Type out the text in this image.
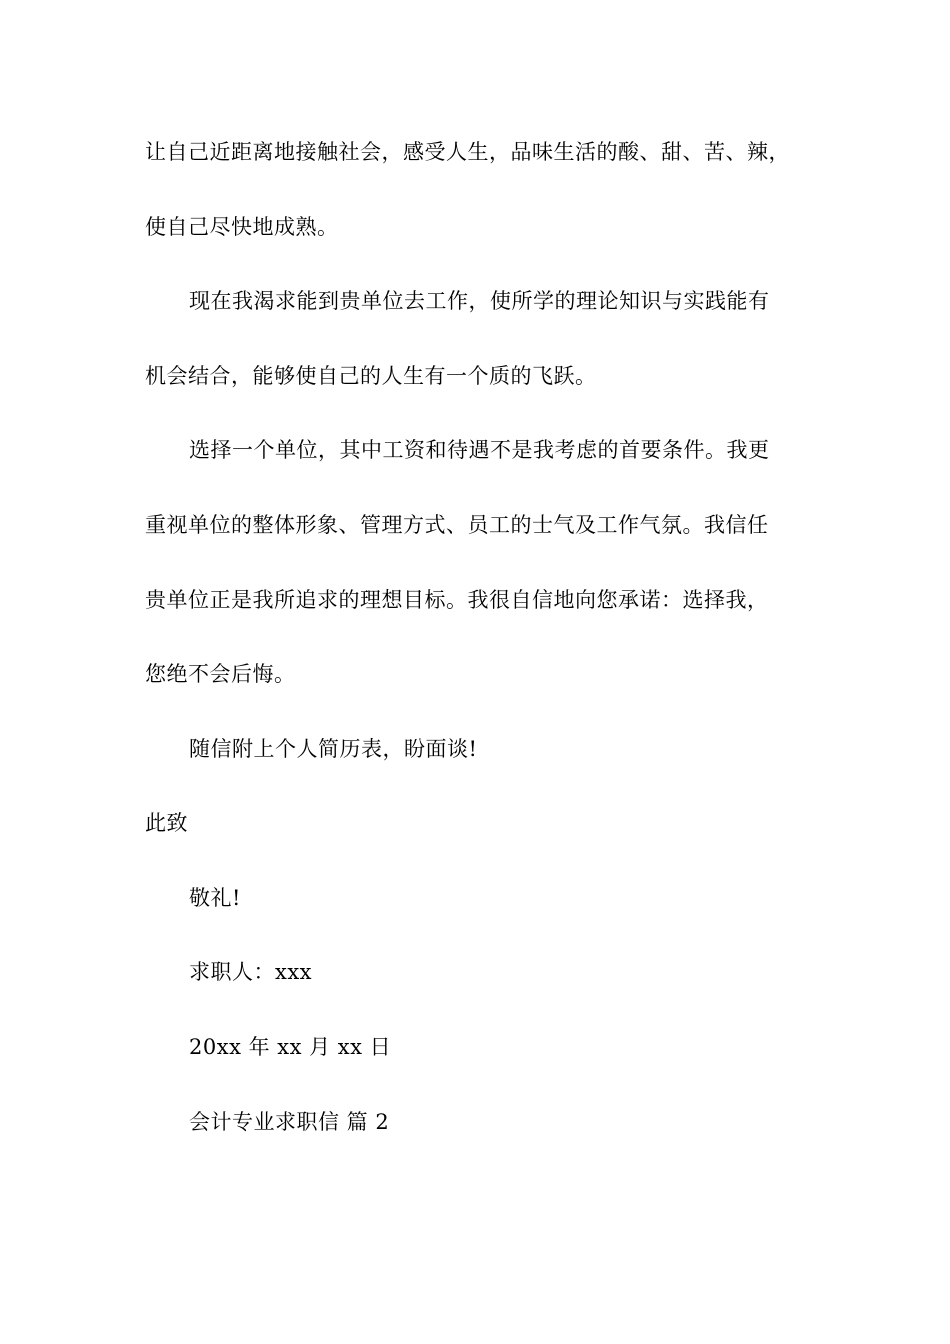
让自己近距离地接触社会，感受人生，品味生活的酸、甜、苦、辣，
使自己尽快地成熟。
现在我渴求能到贵单位去工作，使所学的理论知识与实践能有
机会结合，能够使自己的人生有一个质的飞跃。
选择一个单位，其中工资和待遇不是我考虑的首要条件。我更
重视单位的整体形象、管理方式、员工的士气及工作气氛。我信任
贵单位正是我所追求的理想目标。我很自信地向您承诺：选择我，
您绝不会后悔。
随信附上个人简历表，盼面谈!
此致
敬礼!
求职人：xxx
20xx 年 xx 月 xx 日
会计专业求职信 篇 2
